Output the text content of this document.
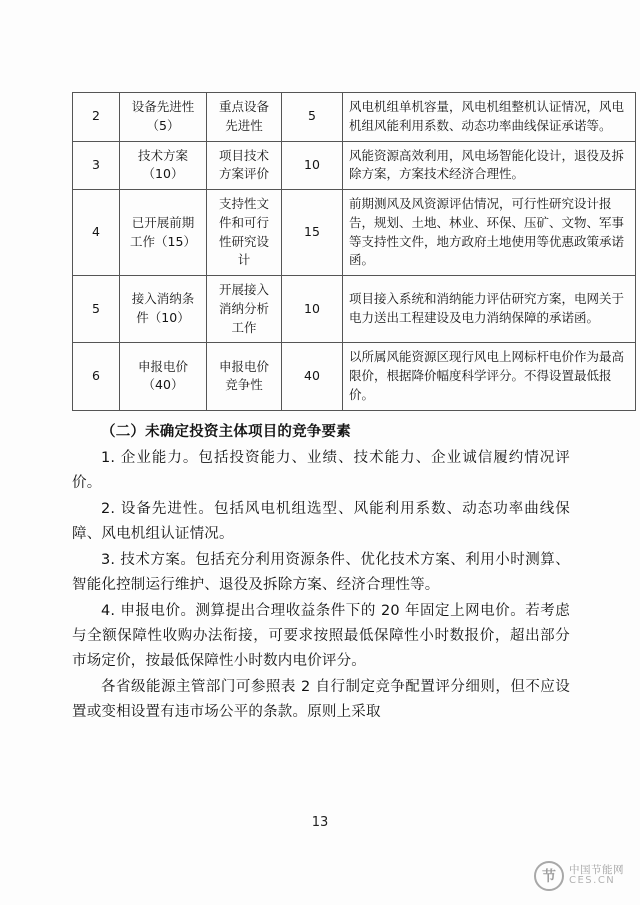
2	设备先进性（5）	重点设备先进性	5	风电机组单机容量，风电机组整机认证情况，风电机组风能利用系数、动态功率曲线保证承诺等。
3	技术方案（10）	项目技术方案评价	10	风能资源高效利用，风电场智能化设计，退役及拆除方案，方案技术经济合理性。
4	已开展前期工作（15）	支持性文件和可行性研究设计	15	前期测风及风资源评估情况，可行性研究设计报告，规划、土地、林业、环保、压矿、文物、军事等支持性文件，地方政府土地使用等优惠政策承诺函。
5	接入消纳条件（10）	开展接入消纳分析工作	10	项目接入系统和消纳能力评估研究方案，电网关于电力送出工程建设及电力消纳保障的承诺函。
6	申报电价（40）	申报电价竞争性	40	以所属风能资源区现行风电上网标杆电价作为最高限价，根据降价幅度科学评分。不得设置最低报价。

（二）未确定投资主体项目的竞争要素

1. 企业能力。包括投资能力、业绩、技术能力、企业诚信履约情况评价。

2. 设备先进性。包括风电机组选型、风能利用系数、动态功率曲线保障、风电机组认证情况。

3. 技术方案。包括充分利用资源条件、优化技术方案、利用小时测算、智能化控制运行维护、退役及拆除方案、经济合理性等。

4. 申报电价。测算提出合理收益条件下的 20 年固定上网电价。若考虑与全额保障性收购办法衔接，可要求按照最低保障性小时数报价，超出部分市场定价，按最低保障性小时数内电价评分。

各省级能源主管部门可参照表 2 自行制定竞争配置评分细则，但不应设置或变相设置有违市场公平的条款。原则上采取

13
节	中国节能网
CES.CN
